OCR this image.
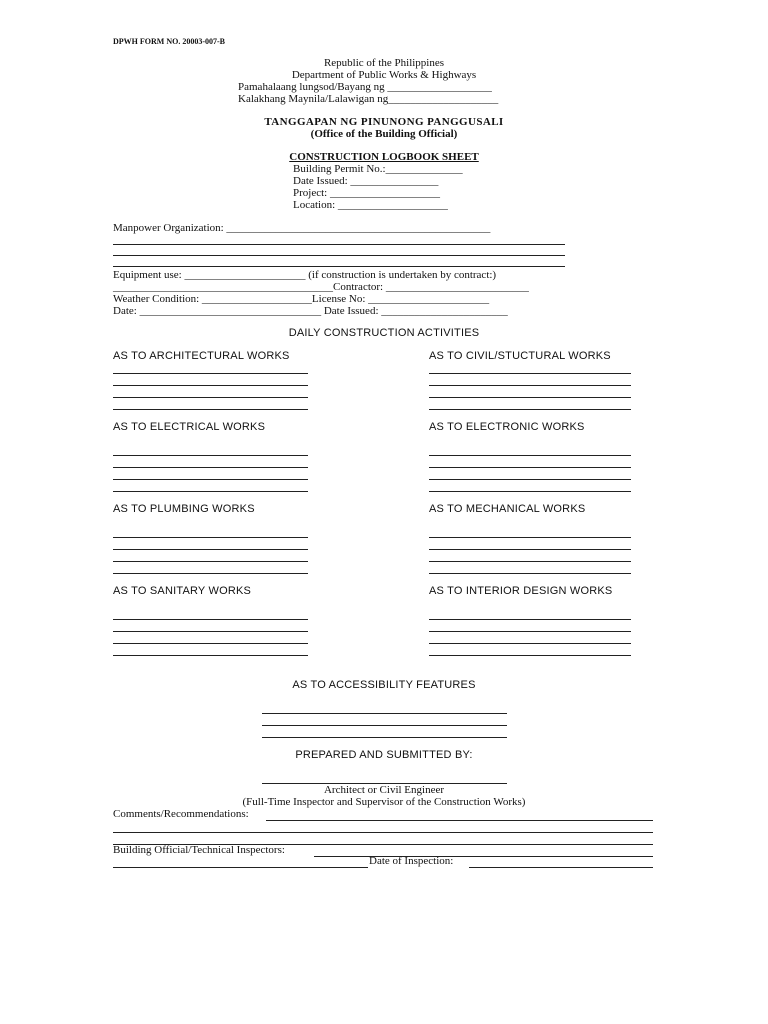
DPWH FORM NO. 20003-007-B
Republic of the Philippines
Department of Public Works & Highways
Pamahalaang lungsod/Bayang ng ___________________
Kalakhang Maynila/Lalawigan ng____________________
TANGGAPAN NG PINUNONG PANGGUSALI
(Office of the Building Official)
CONSTRUCTION LOGBOOK SHEET
Building Permit No.:______________
Date Issued: ________________
Project: ____________________
Location: ____________________
Manpower Organization: ________________________________________________
Equipment use: ______________________ (if construction is undertaken by contract:)
________________________________________Contractor: __________________________
Weather Condition: ____________________License No: ______________________
Date: _________________________________ Date Issued: _______________________
DAILY CONSTRUCTION ACTIVITIES
AS TO ARCHITECTURAL WORKS	AS TO CIVIL/STUCTURAL WORKS
AS TO ELECTRICAL WORKS	AS TO ELECTRONIC WORKS
AS TO PLUMBING WORKS	AS TO MECHANICAL WORKS
AS TO SANITARY WORKS	AS TO INTERIOR DESIGN WORKS
AS TO ACCESSIBILITY FEATURES
PREPARED AND SUBMITTED BY:
Architect or Civil Engineer
(Full-Time Inspector and Supervisor of the Construction Works)
Comments/Recommendations:
Building Official/Technical Inspectors:
Date of Inspection:
